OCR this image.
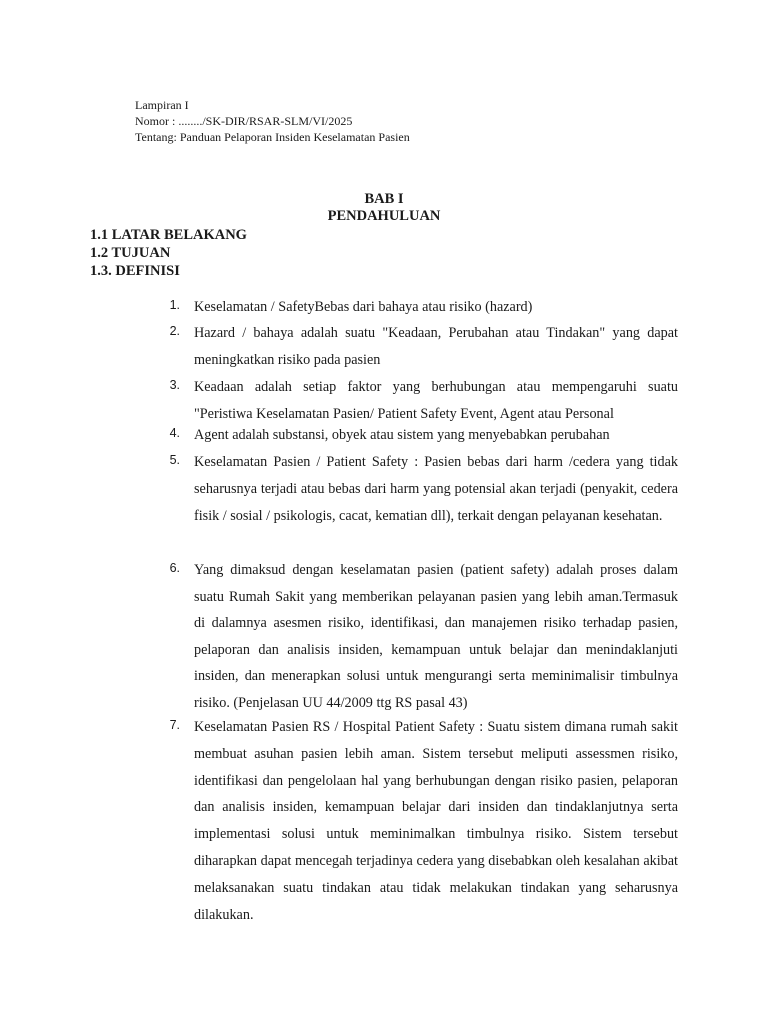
Lampiran I
Nomor : ......../SK-DIR/RSAR-SLM/VI/2025
Tentang: Panduan Pelaporan Insiden Keselamatan Pasien
BAB I
PENDAHULUAN
1.1 LATAR BELAKANG
1.2 TUJUAN
1.3. DEFINISI
1. Keselamatan / SafetyBebas dari bahaya atau risiko (hazard)
2. Hazard / bahaya adalah suatu "Keadaan, Perubahan atau Tindakan" yang dapat meningkatkan risiko pada pasien
3. Keadaan adalah setiap faktor yang berhubungan atau mempengaruhi suatu "Peristiwa Keselamatan Pasien/ Patient Safety Event, Agent atau Personal
4. Agent adalah substansi, obyek atau sistem yang menyebabkan perubahan
5. Keselamatan Pasien / Patient Safety : Pasien bebas dari harm /cedera yang tidak seharusnya terjadi atau bebas dari harm yang potensial akan terjadi (penyakit, cedera fisik / sosial / psikologis, cacat, kematian dll), terkait dengan pelayanan kesehatan.
6. Yang dimaksud dengan keselamatan pasien (patient safety) adalah proses dalam suatu Rumah Sakit yang memberikan pelayanan pasien yang lebih aman.Termasuk di dalamnya asesmen risiko, identifikasi, dan manajemen risiko terhadap pasien, pelaporan dan analisis insiden, kemampuan untuk belajar dan menindaklanjuti insiden, dan menerapkan solusi untuk mengurangi serta meminimalisir timbulnya risiko. (Penjelasan UU 44/2009 ttg RS pasal 43)
7. Keselamatan Pasien RS / Hospital Patient Safety : Suatu sistem dimana rumah sakit membuat asuhan pasien lebih aman. Sistem tersebut meliputi assessmen risiko, identifikasi dan pengelolaan hal yang berhubungan dengan risiko pasien, pelaporan dan analisis insiden, kemampuan belajar dari insiden dan tindaklanjutnya serta implementasi solusi untuk meminimalkan timbulnya risiko. Sistem tersebut diharapkan dapat mencegah terjadinya cedera yang disebabkan oleh kesalahan akibat melaksanakan suatu tindakan atau tidak melakukan tindakan yang seharusnya dilakukan.
